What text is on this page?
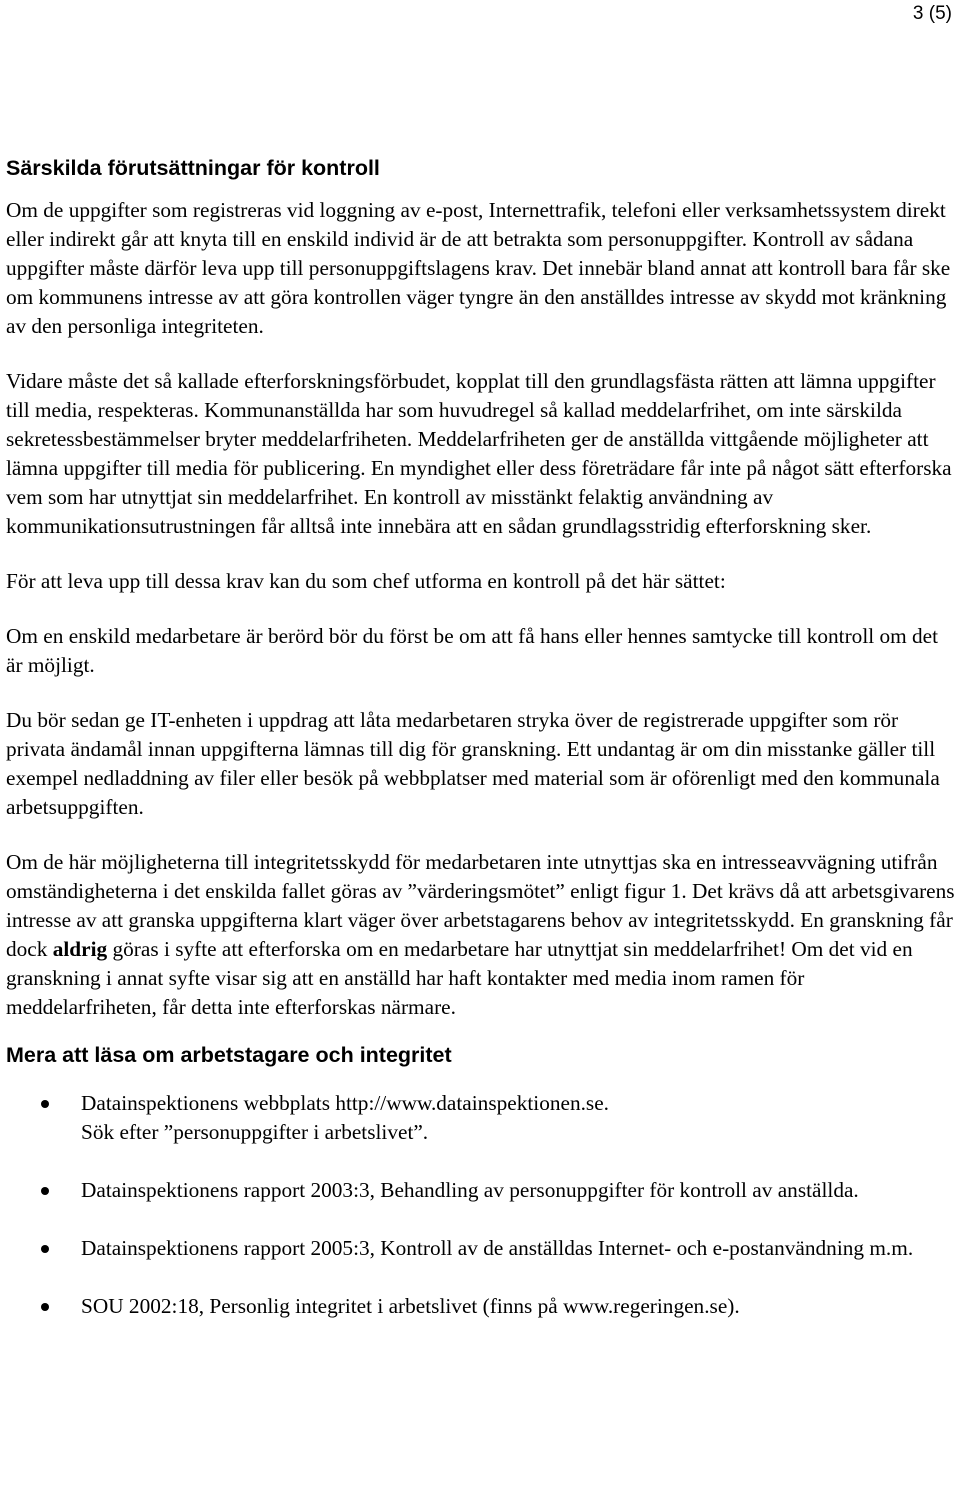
3 (5)
Särskilda förutsättningar för kontroll

Om de uppgifter som registreras vid loggning av e-post, Internettrafik, telefoni eller verksamhetssystem direkt eller indirekt går att knyta till en enskild individ är de att betrakta som personuppgifter. Kontroll av sådana uppgifter måste därför leva upp till personuppgiftslagens krav. Det innebär bland annat att kontroll bara får ske om kommunens intresse av att göra kontrollen väger tyngre än den anställdes intresse av skydd mot kränkning av den personliga integriteten.

Vidare måste det så kallade efterforskningsförbudet, kopplat till den grundlagsfästa rätten att lämna uppgifter till media, respekteras. Kommunanställda har som huvudregel så kallad meddelarfrihet, om inte särskilda sekretessbestämmelser bryter meddelarfriheten. Meddelarfriheten ger de anställda vittgående möjligheter att lämna uppgifter till media för publicering. En myndighet eller dess företrädare får inte på något sätt efterforska vem som har utnyttjat sin meddelarfrihet. En kontroll av misstänkt felaktig användning av kommunikationsutrustningen får alltså inte innebära att en sådan grundlagsstridig efterforskning sker.

För att leva upp till dessa krav kan du som chef utforma en kontroll på det här sättet:

Om en enskild medarbetare är berörd bör du först be om att få hans eller hennes samtycke till kontroll om det är möjligt.

Du bör sedan ge IT-enheten i uppdrag att låta medarbetaren stryka över de registrerade uppgifter som rör privata ändamål innan uppgifterna lämnas till dig för granskning. Ett undantag är om din misstanke gäller till exempel nedladdning av filer eller besök på webbplatser med material som är oförenligt med den kommunala arbetsuppgiften.

Om de här möjligheterna till integritetsskydd för medarbetaren inte utnyttjas ska en intresseavvägning utifrån omständigheterna i det enskilda fallet göras av ”värderingsmötet” enligt figur 1. Det krävs då att arbetsgivarens intresse av att granska uppgifterna klart väger över arbetstagarens behov av integritetsskydd. En granskning får dock aldrig göras i syfte att efterforska om en medarbetare har utnyttjat sin meddelarfrihet! Om det vid en granskning i annat syfte visar sig att en anställd har haft kontakter med media inom ramen för meddelarfriheten, får detta inte efterforskas närmare.

Mera att läsa om arbetstagare och integritet
Datainspektionens webbplats http://www.datainspektionen.se.
Sök efter ”personuppgifter i arbetslivet”.
Datainspektionens rapport 2003:3, Behandling av personuppgifter för kontroll av anställda.
Datainspektionens rapport 2005:3, Kontroll av de anställdas Internet- och e-postanvändning m.m.
SOU 2002:18, Personlig integritet i arbetslivet (finns på www.regeringen.se).
